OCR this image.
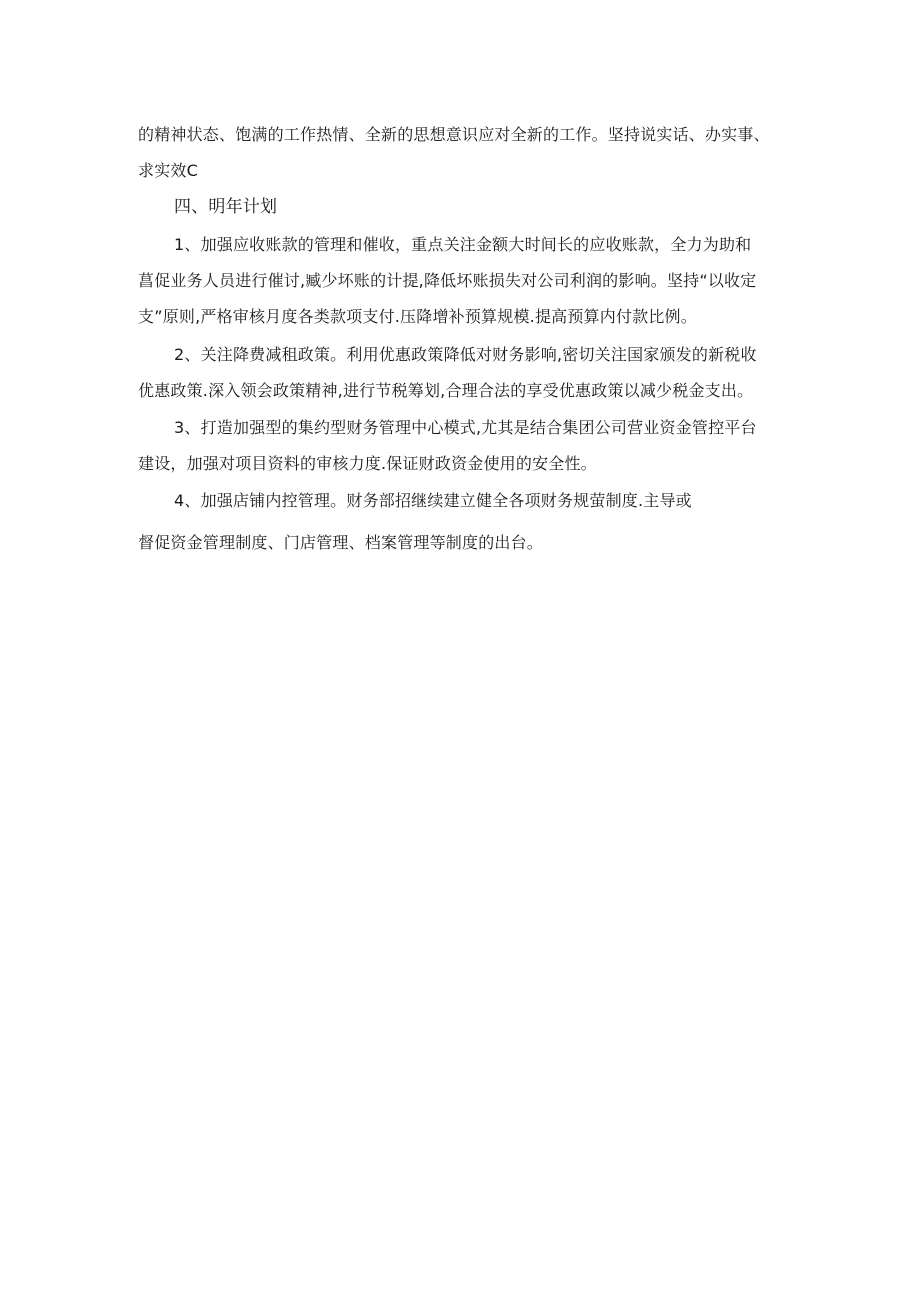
的精神状态、饱满的工作热情、全新的思想意识应对全新的工作。坚持说实话、办实事、
求实效C
四、明年计划
1、加强应收账款的管理和催收，重点关注金额大时间长的应收账款，全力为助和
菖促业务人员进行催讨,臧少坏账的计提,降低坏账损失对公司利润的影响。坚持“以收定
支”原则,严格审核月度各类款项支付.压降增补预算规模.提高预算内付款比例。
2、关注降费减租政策。利用优惠政策降低对财务影响,密切关注国家颁发的新税收
优惠政策.深入领会政策精神,进行节税筹划,合理合法的享受优惠政策以减少税金支出。
3、打造加强型的集约型财务管理中心模式,尤其是结合集团公司营业资金管控平台
建设，加强对项目资料的审核力度.保证财政资金使用的安全性。
4、加强店铺内控管理。财务部招继续建立健全各项财务规萤制度.主导或
督促资金管理制度、门店管理、档案管理等制度的出台。
